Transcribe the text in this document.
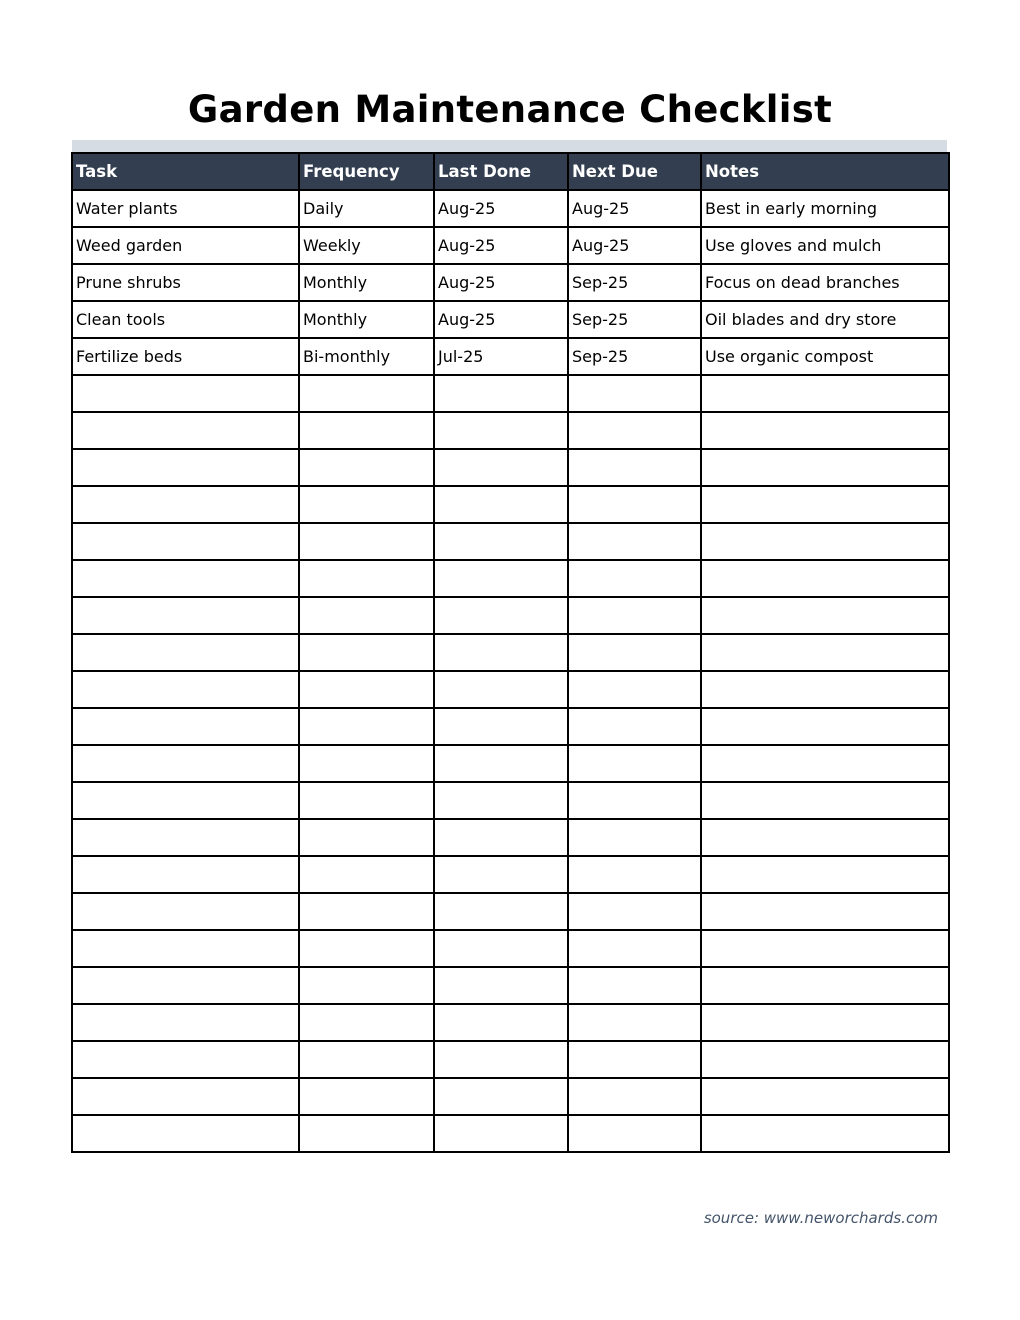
Garden Maintenance Checklist
Task	Frequency	Last Done	Next Due	Notes
Water plants	Daily	Aug-25	Aug-25	Best in early morning
Weed garden	Weekly	Aug-25	Aug-25	Use gloves and mulch
Prune shrubs	Monthly	Aug-25	Sep-25	Focus on dead branches
Clean tools	Monthly	Aug-25	Sep-25	Oil blades and dry store
Fertilize beds	Bi-monthly	Jul-25	Sep-25	Use organic compost

source: www.neworchards.com
